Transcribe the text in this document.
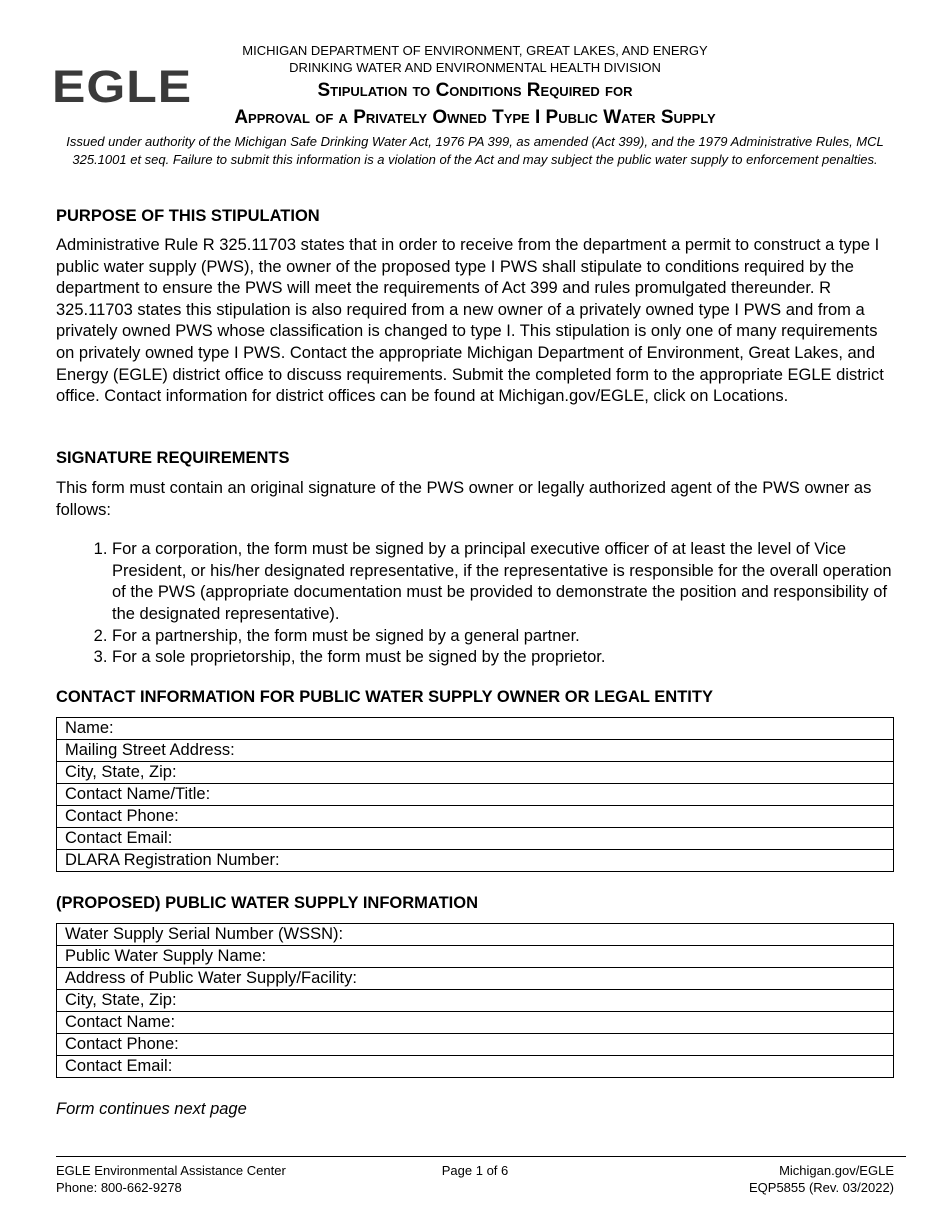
EGLE
MICHIGAN DEPARTMENT OF ENVIRONMENT, GREAT LAKES, AND ENERGY
DRINKING WATER AND ENVIRONMENTAL HEALTH DIVISION
Stipulation to Conditions Required for
Approval of a Privately Owned Type I Public Water Supply
Issued under authority of the Michigan Safe Drinking Water Act, 1976 PA 399, as amended (Act 399), and the 1979 Administrative Rules, MCL 325.1001 et seq. Failure to submit this information is a violation of the Act and may subject the public water supply to enforcement penalties.
PURPOSE OF THIS STIPULATION

Administrative Rule R 325.11703 states that in order to receive from the department a permit to construct a type I public water supply (PWS), the owner of the proposed type I PWS shall stipulate to conditions required by the department to ensure the PWS will meet the requirements of Act 399 and rules promulgated thereunder. R 325.11703 states this stipulation is also required from a new owner of a privately owned type I PWS and from a privately owned PWS whose classification is changed to type I. This stipulation is only one of many requirements on privately owned type I PWS. Contact the appropriate Michigan Department of Environment, Great Lakes, and Energy (EGLE) district office to discuss requirements. Submit the completed form to the appropriate EGLE district office. Contact information for district offices can be found at Michigan.gov/EGLE, click on Locations.

SIGNATURE REQUIREMENTS

This form must contain an original signature of the PWS owner or legally authorized agent of the PWS owner as follows:

1. For a corporation, the form must be signed by a principal executive officer of at least the level of Vice President, or his/her designated representative, if the representative is responsible for the overall operation of the PWS (appropriate documentation must be provided to demonstrate the position and responsibility of the designated representative).
2. For a partnership, the form must be signed by a general partner.
3. For a sole proprietorship, the form must be signed by the proprietor.
CONTACT INFORMATION FOR PUBLIC WATER SUPPLY OWNER OR LEGAL ENTITY
Name:
Mailing Street Address:
City, State, Zip:
Contact Name/Title:
Contact Phone:
Contact Email:
DLARA Registration Number:
(PROPOSED) PUBLIC WATER SUPPLY INFORMATION
Water Supply Serial Number (WSSN):
Public Water Supply Name:
Address of Public Water Supply/Facility:
City, State, Zip:
Contact Name:
Contact Phone:
Contact Email:
Form continues next page
EGLE Environmental Assistance Center
Phone: 800-662-9278
Page 1 of 6	Michigan.gov/EGLE
EQP5855 (Rev. 03/2022)
